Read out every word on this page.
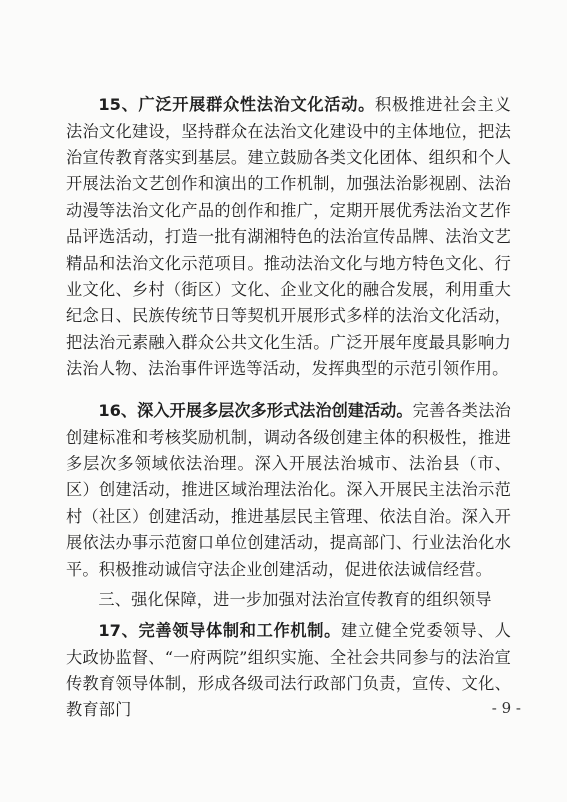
15、广泛开展群众性法治文化活动。积极推进社会主义法治文化建设，坚持群众在法治文化建设中的主体地位，把法治宣传教育落实到基层。建立鼓励各类文化团体、组织和个人开展法治文艺创作和演出的工作机制，加强法治影视剧、法治动漫等法治文化产品的创作和推广，定期开展优秀法治文艺作品评选活动，打造一批有湖湘特色的法治宣传品牌、法治文艺精品和法治文化示范项目。推动法治文化与地方特色文化、行业文化、乡村（街区）文化、企业文化的融合发展，利用重大纪念日、民族传统节日等契机开展形式多样的法治文化活动，把法治元素融入群众公共文化生活。广泛开展年度最具影响力法治人物、法治事件评选等活动，发挥典型的示范引领作用。

16、深入开展多层次多形式法治创建活动。完善各类法治创建标准和考核奖励机制，调动各级创建主体的积极性，推进多层次多领域依法治理。深入开展法治城市、法治县（市、区）创建活动，推进区域治理法治化。深入开展民主法治示范村（社区）创建活动，推进基层民主管理、依法自治。深入开展依法办事示范窗口单位创建活动，提高部门、行业法治化水平。积极推动诚信守法企业创建活动，促进依法诚信经营。

三、强化保障，进一步加强对法治宣传教育的组织领导

17、完善领导体制和工作机制。建立健全党委领导、人大政协监督、“一府两院”组织实施、全社会共同参与的法治宣传教育领导体制，形成各级司法行政部门负责，宣传、文化、教育部门	- 9 -
